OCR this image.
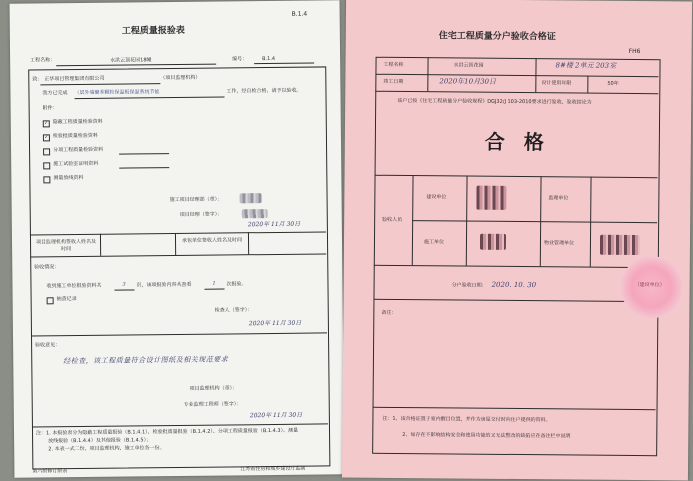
B.1.4
工程质量报验表
工程名称：	水洪云顶花园18幢	编号：	B.1.4
致： 正华项目管理集团有限公司	（项目监理机构）
我方已完成 （层外墙聚苯颗粒保温板保温系统节能	工作，经自检合格，请予以验收。
附件：
✓ 隐蔽工程质量检验资料
✓ 检验批质量检验资料
分项工程质量检验资料
施工试验室证明资料
测量放线资料
施工项目经理部（章）：
项目经理（签字）：
2020年 11月 30日
项目监理机构签收人姓名及时间
承包单位签收人姓名及时间
验收情况：
收到施工单位报验资料共	3 页，该项报验内容共查看	1 次报验。
抽查记录
检查人（签字）：
2020年 11月 30日
验收意见：
经检查，该工程质量符合设计图纸及相关规范要求
项目监理机构（章）：
专业监理工程师（签字）：
2020年 11月 30日
注：1. 本报验表分为隐蔽工程质量报验（B.1.4.1）、检验批质量报验（B.1.4.2）、分项工程质量报验（B.1.4.3）、测量
放线报验（B.1.4.4）及其他报验（B.1.4.5）；
2. 本表一式二份，项目监理机构、施工单位各一份。
第六版修订版表	江苏省住房和城乡建设厅监制
FH6
住宅工程质量分户验收合格证
工程名称	水洪云顶花园	8#楼 2单元 203室
竣工日期	2020年10月30日	设计使用年限	50年
该户已按《住宅工程质量分户验收规程》DGJ32/J 103-2010要求进行验收，验收结论为
合 格
验收人员
建设单位	监理单位
施工单位	物业管理单位
分户验收日期： 2020. 10. 30	（建设单位）
备注：
注：1、该合格证置于室内醒目位置，并作为房屋交付时向住户提供的资料。
2、如存在不影响结构安全和使用功能的又无法整改的缺陷应在备注栏中说明
